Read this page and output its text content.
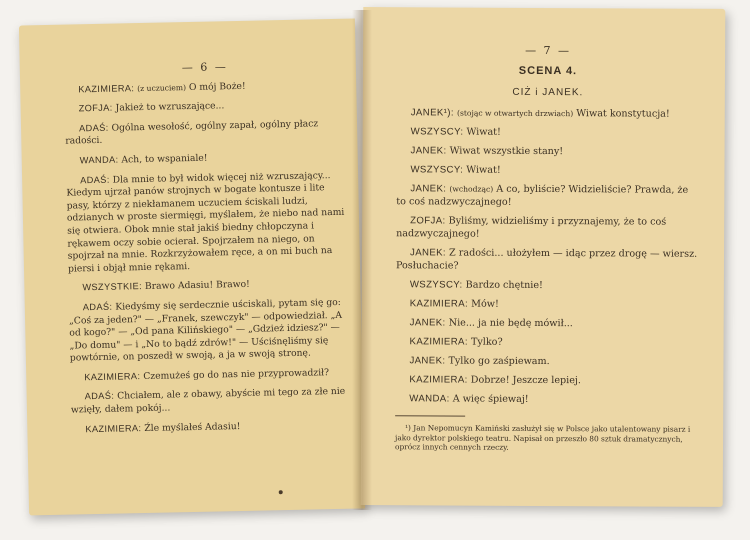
— 6 —

KAZIMIERA: (z uczuciem) O mój Boże!

ZOFJA: Jakież to wzruszające...

ADAŚ: Ogólna wesołość, ogólny zapał, ogólny płacz radości.

WANDA: Ach, to wspaniale!

ADAŚ: Dla mnie to był widok więcej niż wzruszający... Kiedym ujrzał panów strojnych w bogate kontusze i lite pasy, którzy z niekłamanem uczuciem ściskali ludzi, odzianych w proste siermięgi, myślałem, że niebo nad nami się otwiera. Obok mnie stał jakiś biedny chłopczyna i rękawem oczy sobie ocierał. Spojrzałem na niego, on spojrzał na mnie. Rozkrzyżowałem ręce, a on mi buch na piersi i objął mnie rękami.

WSZYSTKIE: Brawo Adasiu! Brawo!

ADAŚ: Kiedyśmy się serdecznie uściskali, pytam się go: „Coś za jeden?" — „Franek, szewczyk" — odpowiedział. „A od kogo?" — „Od pana Kilińskiego" — „Gdzież idziesz?" — „Do domu" — i „No to bądź zdrów!" — Uściśnęliśmy się powtórnie, on poszedł w swoją, a ja w swoją stronę.

KAZIMIERA: Czemużeś go do nas nie przyprowadził?

ADAŚ: Chciałem, ale z obawy, abyście mi tego za złe nie wzięły, dałem pokój...

KAZIMIERA: Źle myślałeś Adasiu!

— 7 —
SCENA 4.
CIŻ i JANEK.

JANEK¹): (stojąc w otwartych drzwiach) Wiwat konstytucja!

WSZYSCY: Wiwat!

JANEK: Wiwat wszystkie stany!

WSZYSCY: Wiwat!

JANEK: (wchodząc) A co, byliście? Widzieliście? Prawda, że to coś nadzwyczajnego!

ZOFJA: Byliśmy, widzieliśmy i przyznajemy, że to coś nadzwyczajnego!

JANEK: Z radości... ułożyłem — idąc przez drogę — wiersz. Posłuchacie?

WSZYSCY: Bardzo chętnie!

KAZIMIERA: Mów!

JANEK: Nie... ja nie będę mówił...

KAZIMIERA: Tylko?

JANEK: Tylko go zaśpiewam.

KAZIMIERA: Dobrze! Jeszcze lepiej.

WANDA: A więc śpiewaj!

¹) Jan Nepomucyn Kamiński zasłużył się w Polsce jako utalentowany pisarz i jako dyrektor polskiego teatru. Napisał on przeszło 80 sztuk dramatycznych, oprócz innych cennych rzeczy.
